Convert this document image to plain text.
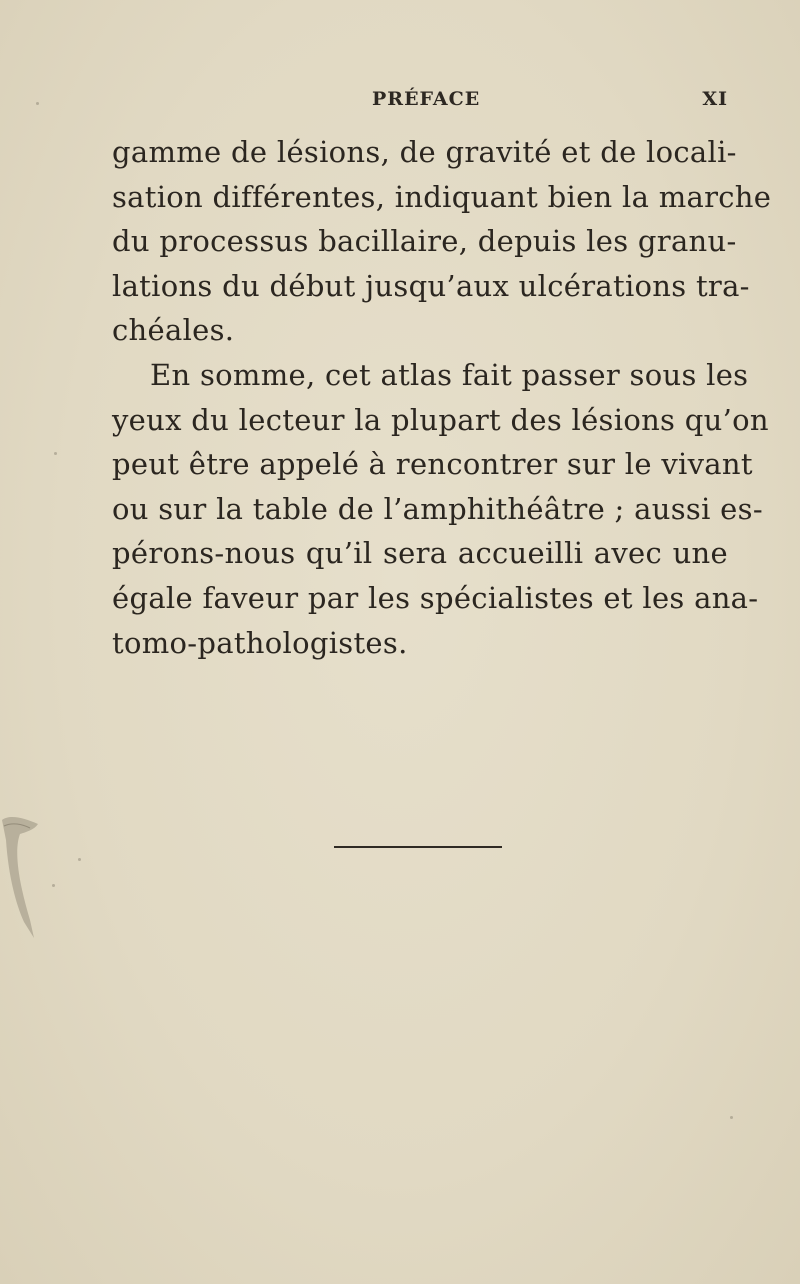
PRÉFACE	XI
gamme de lésions, de gravité et de locali-
sation différentes, indiquant bien la marche
du processus bacillaire, depuis les granu-
lations du début jusqu’aux ulcérations tra-
chéales.
En somme, cet atlas fait passer sous les
yeux du lecteur la plupart des lésions qu’on
peut être appelé à rencontrer sur le vivant
ou sur la table de l’amphithéâtre ; aussi es-
pérons-nous qu’il sera accueilli avec une
égale faveur par les spécialistes et les ana-
tomo-pathologistes.
